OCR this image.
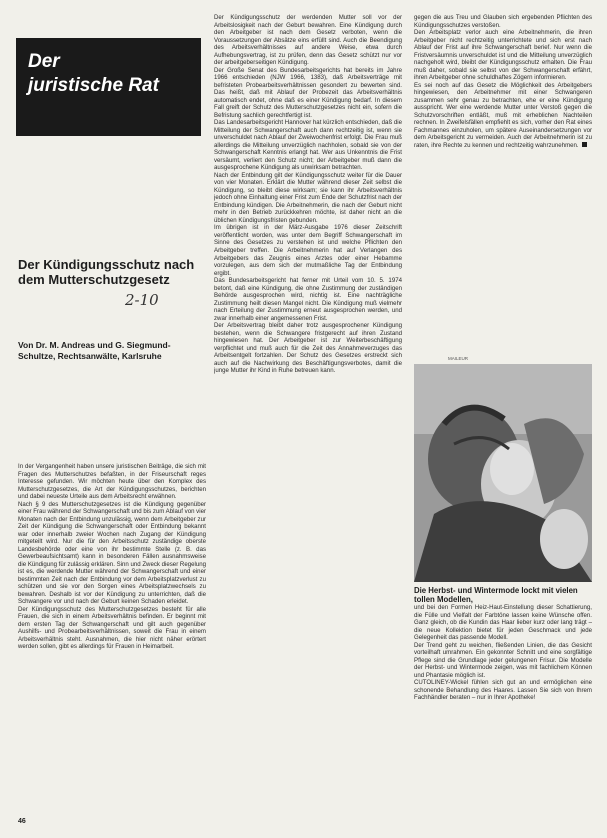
Der
juristische Rat
Der Kündigungsschutz nach dem Mutterschutzgesetz
2-10
Von Dr. M. Andreas und G. Siegmund-Schultze, Rechtsanwälte, Karlsruhe

In der Vergangenheit haben unsere juristischen Beiträge, die sich mit Fragen des Mutterschutzes befaßten, in der Friseurschaft reges Interesse gefunden. Wir möchten heute über den Komplex des Mutterschutzgesetzes, die Art der Kündigungsschutzes, berichten und dabei neueste Urteile aus dem Arbeitsrecht erwähnen.

Nach § 9 des Mutterschutzgesetzes ist die Kündigung gegenüber einer Frau während der Schwangerschaft und bis zum Ablauf von vier Monaten nach der Entbindung unzulässig, wenn dem Arbeitgeber zur Zeit der Kündigung die Schwangerschaft oder Entbindung bekannt war oder innerhalb zweier Wochen nach Zugang der Kündigung mitgeteilt wird. Nur die für den Arbeitsschutz zuständige oberste Landesbehörde oder eine von ihr bestimmte Stelle (z. B. das Gewerbeaufsichtsamt) kann in besonderen Fällen ausnahmsweise die Kündigung für zulässig erklären. Sinn und Zweck dieser Regelung ist es, die werdende Mutter während der Schwangerschaft und einer bestimmten Zeit nach der Entbindung vor dem Arbeitsplatzverlust zu schützen und sie vor den Sorgen eines Arbeitsplatzwechsels zu bewahren. Deshalb ist vor der Kündigung zu unterrichten, daß die Schwangere vor und nach der Geburt keinen Schaden erleidet.

Der Kündigungsschutz des Mutterschutzgesetzes besteht für alle Frauen, die sich in einem Arbeitsverhältnis befinden. Er beginnt mit dem ersten Tag der Schwangerschaft und gilt auch gegenüber Aushilfs- und Probearbeitsverhältnissen, soweit die Frau in einem Arbeitsverhältnis steht. Ausnahmen, die hier nicht näher erörtert werden sollen, gibt es allerdings für Frauen in Heimarbeit.

Der Kündigungsschutz der werdenden Mutter soll vor der Arbeitslosigkeit nach der Geburt bewahren. Eine Kündigung durch den Arbeitgeber ist nach dem Gesetz verboten, wenn die Voraussetzungen der Absätze eins erfüllt sind. Auch die Beendigung des Arbeitsverhältnisses auf andere Weise, etwa durch Aufhebungsvertrag, ist zu prüfen, denn das Gesetz schützt nur vor der arbeitgeberseitigen Kündigung.

Der Große Senat des Bundesarbeitsgerichts hat bereits im Jahre 1966 entschieden (NJW 1966, 1383), daß Arbeitsverträge mit befristeten Probearbeitsverhältnissen gesondert zu bewerten sind. Das heißt, daß mit Ablauf der Probezeit das Arbeitsverhältnis automatisch endet, ohne daß es einer Kündigung bedarf. In diesem Fall greift der Schutz des Mutterschutzgesetzes nicht ein, sofern die Befristung sachlich gerechtfertigt ist.

Das Landesarbeitsgericht Hannover hat kürzlich entschieden, daß die Mitteilung der Schwangerschaft auch dann rechtzeitig ist, wenn sie unverschuldet nach Ablauf der Zweiwochenfrist erfolgt. Die Frau muß allerdings die Mitteilung unverzüglich nachholen, sobald sie von der Schwangerschaft Kenntnis erlangt hat. Wer aus Unkenntnis die Frist versäumt, verliert den Schutz nicht; der Arbeitgeber muß dann die ausgesprochene Kündigung als unwirksam betrachten.

Nach der Entbindung gilt der Kündigungsschutz weiter für die Dauer von vier Monaten. Erklärt die Mutter während dieser Zeit selbst die Kündigung, so bleibt diese wirksam; sie kann ihr Arbeitsverhältnis jedoch ohne Einhaltung einer Frist zum Ende der Schutzfrist nach der Entbindung kündigen. Die Arbeitnehmerin, die nach der Geburt nicht mehr in den Betrieb zurückkehren möchte, ist daher nicht an die üblichen Kündigungsfristen gebunden.

Im übrigen ist in der März-Ausgabe 1976 dieser Zeitschrift veröffentlicht worden, was unter dem Begriff Schwangerschaft im Sinne des Gesetzes zu verstehen ist und welche Pflichten den Arbeitgeber treffen. Die Arbeitnehmerin hat auf Verlangen des Arbeitgebers das Zeugnis eines Arztes oder einer Hebamme vorzulegen, aus dem sich der mutmaßliche Tag der Entbindung ergibt.

Das Bundesarbeitsgericht hat ferner mit Urteil vom 10. 5. 1974 betont, daß eine Kündigung, die ohne Zustimmung der zuständigen Behörde ausgesprochen wird, nichtig ist. Eine nachträgliche Zustimmung heilt diesen Mangel nicht. Die Kündigung muß vielmehr nach Erteilung der Zustimmung erneut ausgesprochen werden, und zwar innerhalb einer angemessenen Frist.

Der Arbeitsvertrag bleibt daher trotz ausgesprochener Kündigung bestehen, wenn die Schwangere fristgerecht auf ihren Zustand hingewiesen hat. Der Arbeitgeber ist zur Weiterbeschäftigung verpflichtet und muß auch für die Zeit des Annahmeverzuges das Arbeitsentgelt fortzahlen. Der Schutz des Gesetzes erstreckt sich auch auf die Nachwirkung des Beschäftigungsverbotes, damit die junge Mutter ihr Kind in Ruhe betreuen kann.

gegen die aus Treu und Glauben sich ergebenden Pflichten des Kündigungsschutzes verstoßen.

Den Arbeitsplatz verlor auch eine Arbeitnehmerin, die ihren Arbeitgeber nicht rechtzeitig unterrichtete und sich erst nach Ablauf der Frist auf ihre Schwangerschaft berief. Nur wenn die Fristversäumnis unverschuldet ist und die Mitteilung unverzüglich nachgeholt wird, bleibt der Kündigungsschutz erhalten. Die Frau muß daher, sobald sie selbst von der Schwangerschaft erfährt, ihren Arbeitgeber ohne schuldhaftes Zögern informieren.

Es sei noch auf das Gesetz die Möglichkeit des Arbeitgebers hingewiesen, den Arbeitnehmer mit einer Schwangeren zusammen sehr genau zu betrachten, ehe er eine Kündigung ausspricht. Wer eine werdende Mutter unter Verstoß gegen die Schutzvorschriften entläßt, muß mit erheblichen Nachteilen rechnen. In Zweifelsfällen empfiehlt es sich, vorher den Rat eines Fachmannes einzuholen, um spätere Auseinandersetzungen vor dem Arbeitsgericht zu vermeiden. Auch der Arbeitnehmerin ist zu raten, ihre Rechte zu kennen und rechtzeitig wahrzunehmen.

MAILEUR
Die Herbst- und Wintermode lockt mit vielen tollen Modellen,

und bei den Formen Heiz-Haut-Einstellung dieser Schattierung, die Fülle und Vielfalt der Farbtöne lassen keine Wünsche offen. Ganz gleich, ob die Kundin das Haar lieber kurz oder lang trägt – die neue Kollektion bietet für jeden Geschmack und jede Gelegenheit das passende Modell.

Der Trend geht zu weichen, fließenden Linien, die das Gesicht vorteilhaft umrahmen. Ein gekonnter Schnitt und eine sorgfältige Pflege sind die Grundlage jeder gelungenen Frisur. Die Modelle der Herbst- und Wintermode zeigen, was mit fachlichem Können und Phantasie möglich ist.

CUTOLINEY-Wickel fühlen sich gut an und ermöglichen eine schonende Behandlung des Haares. Lassen Sie sich von Ihrem Fachhändler beraten – nur in Ihrer Apotheke!

46
